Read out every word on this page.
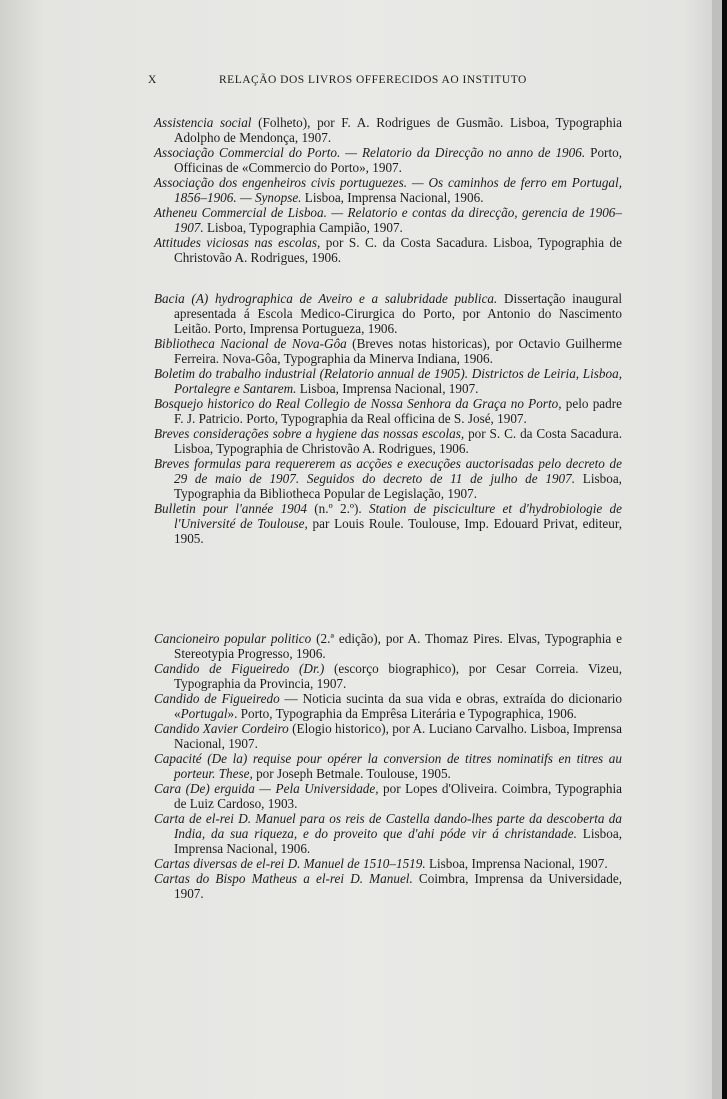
X	RELAÇÃO DOS LIVROS OFFERECIDOS AO INSTITUTO

Assistencia social (Folheto), por F. A. Rodrigues de Gusmão. Lisboa, Typographia Adolpho de Mendonça, 1907.

Associação Commercial do Porto. — Relatorio da Direcção no anno de 1906. Porto, Officinas de «Commercio do Porto», 1907.

Associação dos engenheiros civis portuguezes. — Os caminhos de ferro em Portugal, 1856–1906. — Synopse. Lisboa, Imprensa Nacional, 1906.

Atheneu Commercial de Lisboa. — Relatorio e contas da direcção, gerencia de 1906–1907. Lisboa, Typographia Campião, 1907.

Attitudes viciosas nas escolas, por S. C. da Costa Sacadura. Lisboa, Typographia de Christovão A. Rodrigues, 1906.

Bacia (A) hydrographica de Aveiro e a salubridade publica. Dissertação inaugural apresentada á Escola Medico-Cirurgica do Porto, por Antonio do Nascimento Leitão. Porto, Imprensa Portugueza, 1906.

Bibliotheca Nacional de Nova-Gôa (Breves notas historicas), por Octavio Guilherme Ferreira. Nova-Gôa, Typographia da Minerva Indiana, 1906.

Boletim do trabalho industrial (Relatorio annual de 1905). Districtos de Leiria, Lisboa, Portalegre e Santarem. Lisboa, Imprensa Nacional, 1907.

Bosquejo historico do Real Collegio de Nossa Senhora da Graça no Porto, pelo padre F. J. Patricio. Porto, Typographia da Real officina de S. José, 1907.

Breves considerações sobre a hygiene das nossas escolas, por S. C. da Costa Sacadura. Lisboa, Typographia de Christovão A. Rodrigues, 1906.

Breves formulas para requererem as acções e execuções auctorisadas pelo decreto de 29 de maio de 1907. Seguidos do decreto de 11 de julho de 1907. Lisboa, Typographia da Bibliotheca Popular de Legislação, 1907.

Bulletin pour l'année 1904 (n.º 2.º). Station de pisciculture et d'hydrobiologie de l'Université de Toulouse, par Louis Roule. Toulouse, Imp. Edouard Privat, editeur, 1905.

Cancioneiro popular politico (2.ª edição), por A. Thomaz Pires. Elvas, Typographia e Stereotypia Progresso, 1906.

Candido de Figueiredo (Dr.) (escorço biographico), por Cesar Correia. Vizeu, Typographia da Provincia, 1907.

Candido de Figueiredo — Noticia sucinta da sua vida e obras, extraída do dicionario «Portugal». Porto, Typographia da Emprêsa Literária e Typographica, 1906.

Candido Xavier Cordeiro (Elogio historico), por A. Luciano Carvalho. Lisboa, Imprensa Nacional, 1907.

Capacité (De la) requise pour opérer la conversion de titres nominatifs en titres au porteur. These, por Joseph Betmale. Toulouse, 1905.

Cara (De) erguida — Pela Universidade, por Lopes d'Oliveira. Coimbra, Typographia de Luiz Cardoso, 1903.

Carta de el-rei D. Manuel para os reis de Castella dando-lhes parte da descoberta da India, da sua riqueza, e do proveito que d'ahi póde vir á christandade. Lisboa, Imprensa Nacional, 1906.

Cartas diversas de el-rei D. Manuel de 1510–1519. Lisboa, Imprensa Nacional, 1907.

Cartas do Bispo Matheus a el-rei D. Manuel. Coimbra, Imprensa da Universidade, 1907.
